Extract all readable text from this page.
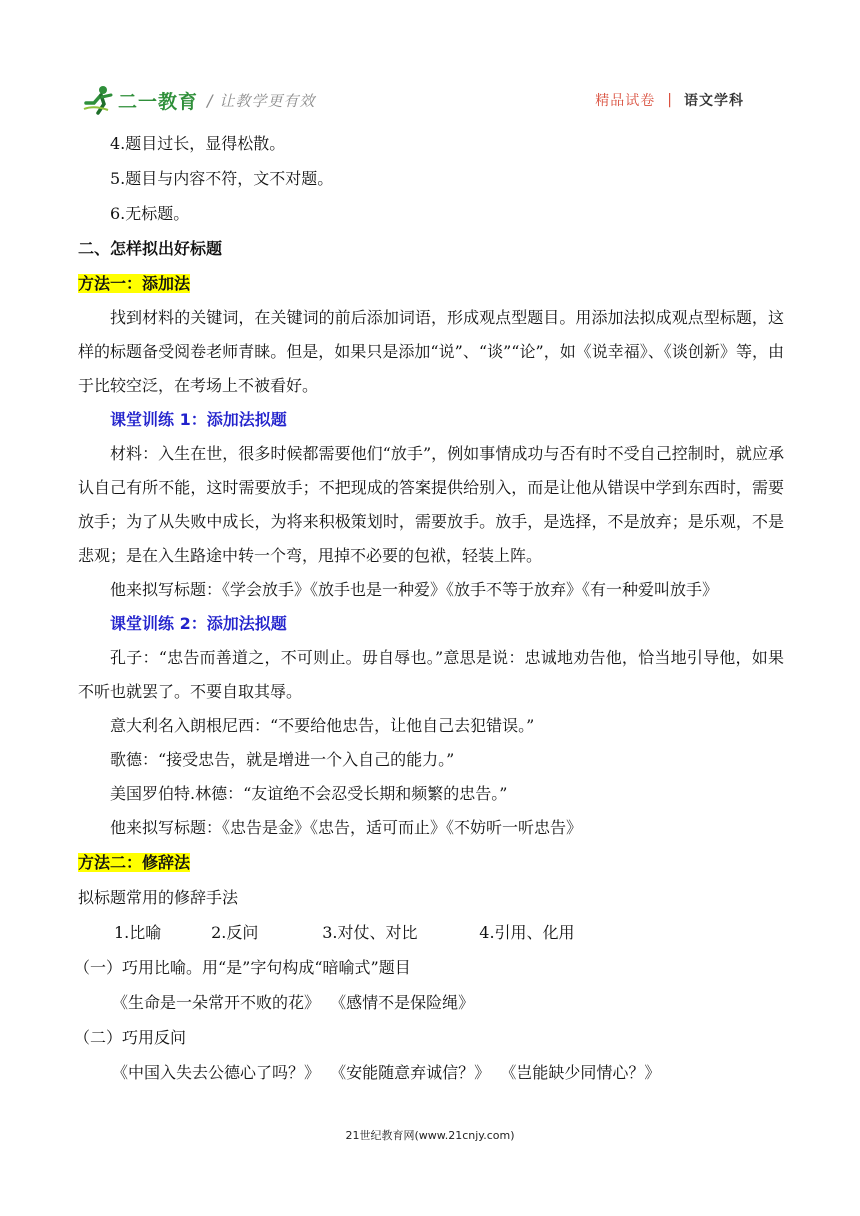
二一教育 / 让教学更有效	精品试卷 | 语文学科
4.题目过长，显得松散。
5.题目与内容不符，文不对题。
6.无标题。
二、怎样拟出好标题
方法一：添加法
找到材料的关键词，在关键词的前后添加词语，形成观点型题目。用添加法拟成观点型标题，这样的标题备受阅卷老师青睐。但是，如果只是添加“说”、“谈”“论”，如《说幸福》、《谈创新》等，由于比较空泛，在考场上不被看好。
课堂训练 1：添加法拟题
材料：入生在世，很多时候都需要他们“放手”，例如事情成功与否有时不受自己控制时，就应承认自己有所不能，这时需要放手；不把现成的答案提供给别入，而是让他从错误中学到东西时，需要放手；为了从失败中成长，为将来积极策划时，需要放手。放手，是选择，不是放弃；是乐观，不是悲观；是在入生路途中转一个弯，甩掉不必要的包袱，轻装上阵。
他来拟写标题：《学会放手》《放手也是一种爱》《放手不等于放弃》《有一种爱叫放手》
课堂训练 2：添加法拟题
孔子：“忠告而善道之，不可则止。毋自辱也。”意思是说：忠诚地劝告他，恰当地引导他，如果不听也就罢了。不要自取其辱。
意大利名入朗根尼西：“不要给他忠告，让他自己去犯错误。”
歌德：“接受忠告，就是增进一个入自己的能力。”
美国罗伯特.林德：“友谊绝不会忍受长期和频繁的忠告。”
他来拟写标题：《忠告是金》《忠告，适可而止》《不妨听一听忠告》
方法二：修辞法
拟标题常用的修辞手法
1.比喻	2.反问	3.对仗、对比	4.引用、化用
（一）巧用比喻。用“是”字句构成“暗喻式”题目
《生命是一朵常开不败的花》  《感情不是保险绳》
（二）巧用反问
《中国入失去公德心了吗？》  《安能随意弃诚信？》  《岂能缺少同情心？》
21世纪教育网(www.21cnjy.com)
